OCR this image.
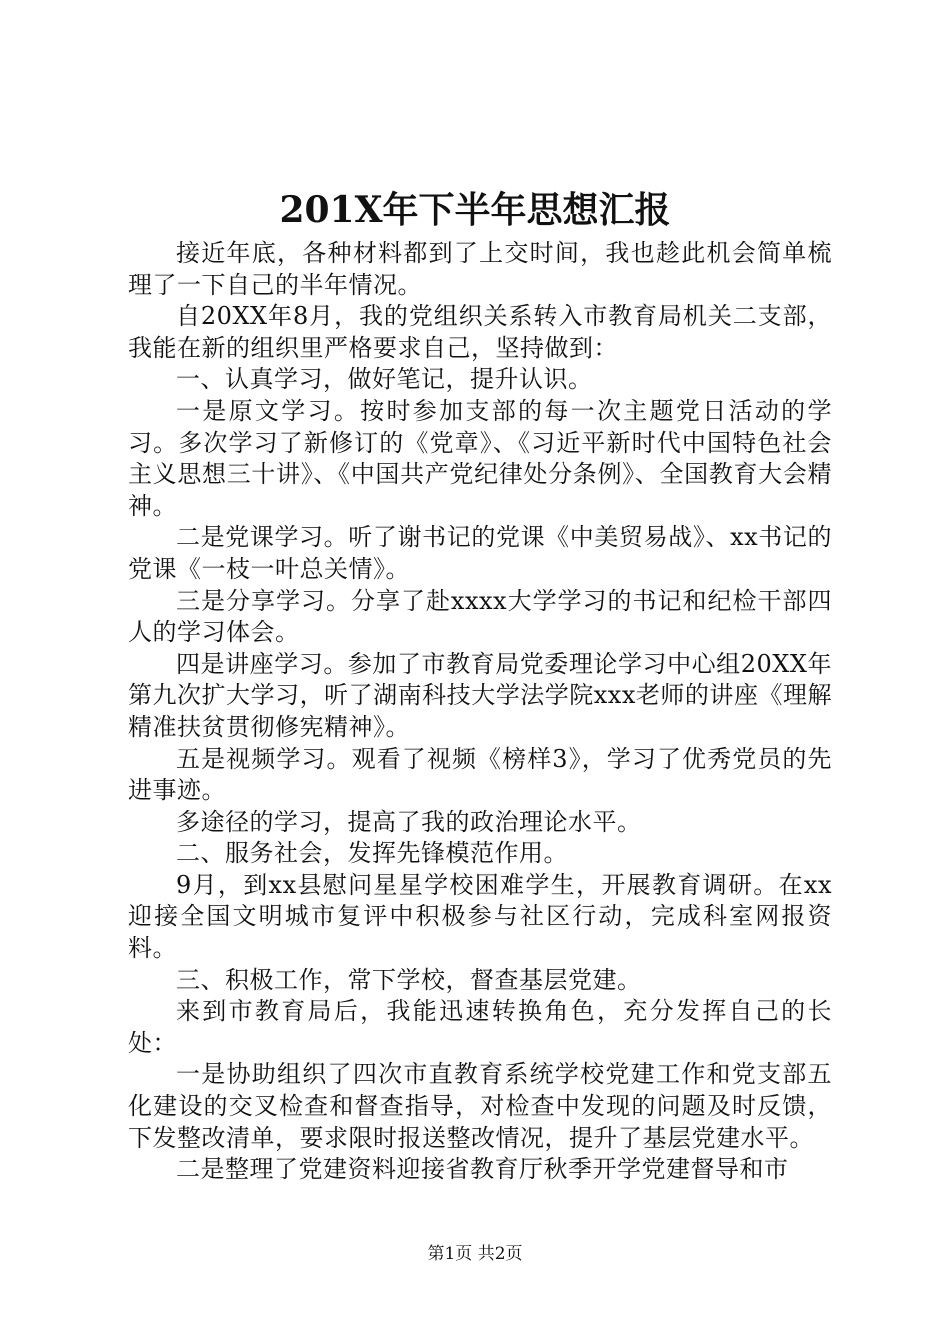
201X年下半年思想汇报

接近年底，各种材料都到了上交时间，我也趁此机会简单梳理了一下自己的半年情况。

自20XX年8月，我的党组织关系转入市教育局机关二支部，我能在新的组织里严格要求自己，坚持做到：

一、认真学习，做好笔记，提升认识。

一是原文学习。按时参加支部的每一次主题党日活动的学习。多次学习了新修订的《党章》、《习近平新时代中国特色社会主义思想三十讲》、《中国共产党纪律处分条例》、全国教育大会精神。

二是党课学习。听了谢书记的党课《中美贸易战》、xx书记的党课《一枝一叶总关情》。

三是分享学习。分享了赴xxxx大学学习的书记和纪检干部四人的学习体会。

四是讲座学习。参加了市教育局党委理论学习中心组20XX年第九次扩大学习，听了湖南科技大学法学院xxx老师的讲座《理解精准扶贫贯彻修宪精神》。

五是视频学习。观看了视频《榜样3》，学习了优秀党员的先进事迹。

多途径的学习，提高了我的政治理论水平。

二、服务社会，发挥先锋模范作用。

9月，到xx县慰问星星学校困难学生，开展教育调研。在xx迎接全国文明城市复评中积极参与社区行动，完成科室网报资料。

三、积极工作，常下学校，督查基层党建。

来到市教育局后，我能迅速转换角色，充分发挥自己的长处：

一是协助组织了四次市直教育系统学校党建工作和党支部五化建设的交叉检查和督查指导，对检查中发现的问题及时反馈，下发整改清单，要求限时报送整改情况，提升了基层党建水平。

二是整理了党建资料迎接省教育厅秋季开学党建督导和市

第1页 共2页
